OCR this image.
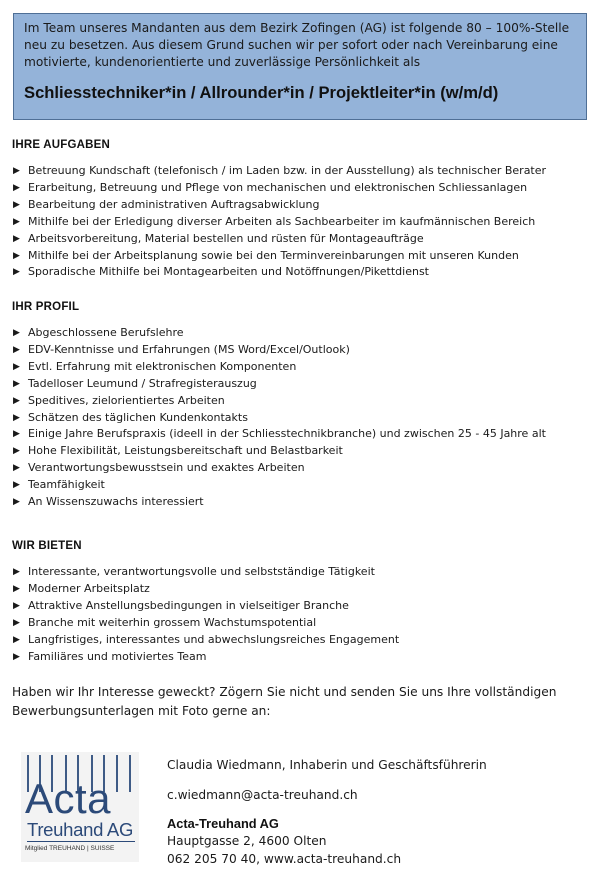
Im Team unseres Mandanten aus dem Bezirk Zofingen (AG) ist folgende 80 – 100%-Stelle neu zu besetzen. Aus diesem Grund suchen wir per sofort oder nach Vereinbarung eine motivierte, kundenorientierte und zuverlässige Persönlichkeit als

Schliesstechniker*in / Allrounder*in / Projektleiter*in (w/m/d)

IHRE AUFGABEN
▶ Betreuung Kundschaft (telefonisch / im Laden bzw. in der Ausstellung) als technischer Berater
▶ Erarbeitung, Betreuung und Pflege von mechanischen und elektronischen Schliessanlagen
▶ Bearbeitung der administrativen Auftragsabwicklung
▶ Mithilfe bei der Erledigung diverser Arbeiten als Sachbearbeiter im kaufmännischen Bereich
▶ Arbeitsvorbereitung, Material bestellen und rüsten für Montageaufträge
▶ Mithilfe bei der Arbeitsplanung sowie bei den Terminvereinbarungen mit unseren Kunden
▶ Sporadische Mithilfe bei Montagearbeiten und Notöffnungen/Pikettdienst
IHR PROFIL
▶ Abgeschlossene Berufslehre
▶ EDV-Kenntnisse und Erfahrungen (MS Word/Excel/Outlook)
▶ Evtl. Erfahrung mit elektronischen Komponenten
▶ Tadelloser Leumund / Strafregisterauszug
▶ Speditives, zielorientiertes Arbeiten
▶ Schätzen des täglichen Kundenkontakts
▶ Einige Jahre Berufspraxis (ideell in der Schliesstechnikbranche) und zwischen 25 - 45 Jahre alt
▶ Hohe Flexibilität, Leistungsbereitschaft und Belastbarkeit
▶ Verantwortungsbewusstsein und exaktes Arbeiten
▶ Teamfähigkeit
▶ An Wissenszuwachs interessiert
WIR BIETEN
▶ Interessante, verantwortungsvolle und selbstständige Tätigkeit
▶ Moderner Arbeitsplatz
▶ Attraktive Anstellungsbedingungen in vielseitiger Branche
▶ Branche mit weiterhin grossem Wachstumspotential
▶ Langfristiges, interessantes und abwechslungsreiches Engagement
▶ Familiäres und motiviertes Team

Haben wir Ihr Interesse geweckt? Zögern Sie nicht und senden Sie uns Ihre vollständigen Bewerbungsunterlagen mit Foto gerne an:

Acta
Treuhand AG
Mitglied TREUHAND | SUISSE

Claudia Wiedmann, Inhaberin und Geschäftsführerin

c.wiedmann@acta-treuhand.ch

Acta-Treuhand AG

Hauptgasse 2, 4600 Olten

062 205 70 40, www.acta-treuhand.ch
